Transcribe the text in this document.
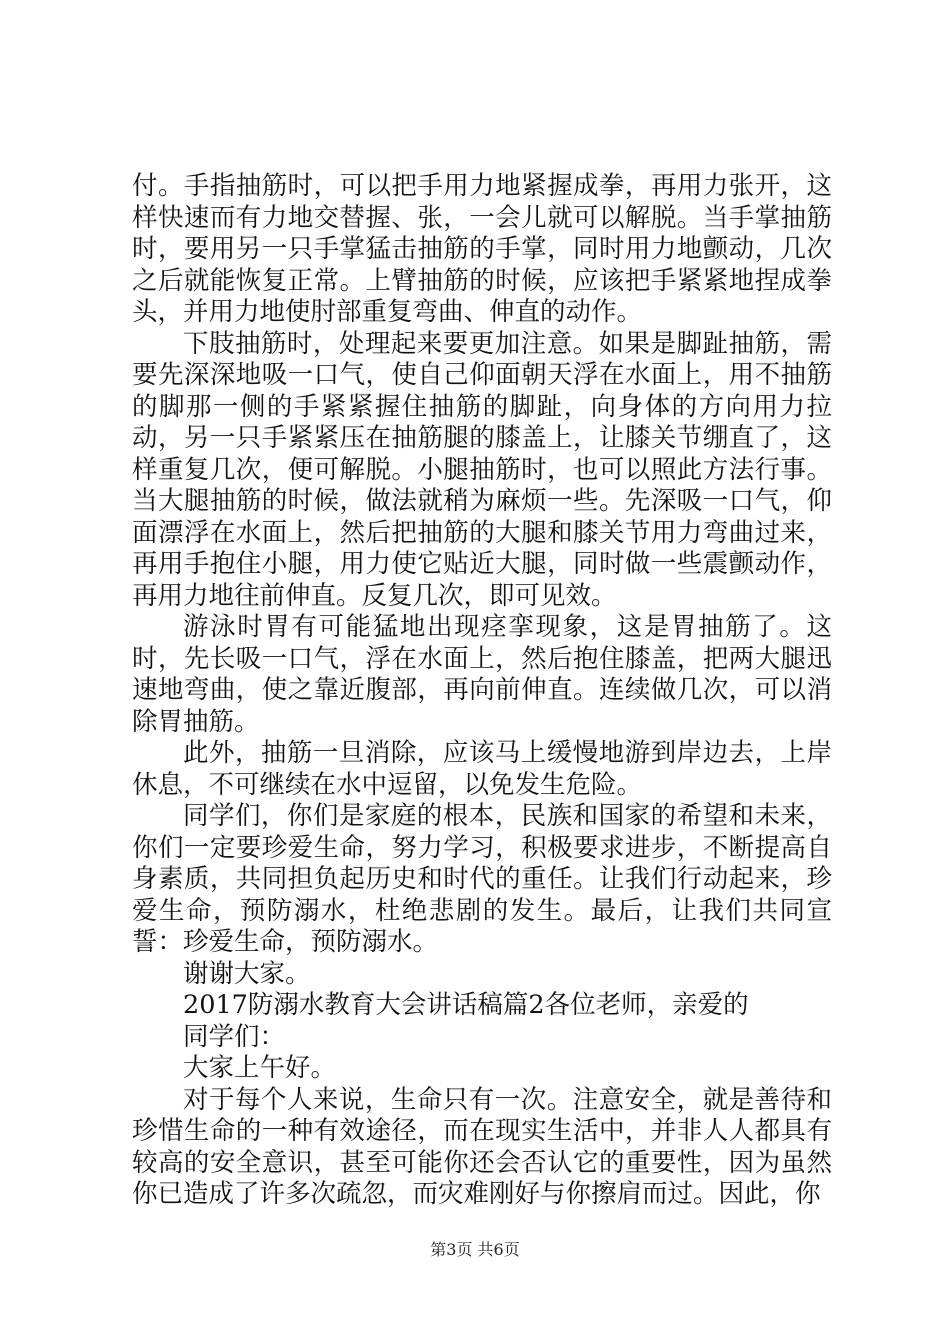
付。手指抽筋时，可以把手用力地紧握成拳，再用力张开，这样快速而有力地交替握、张，一会儿就可以解脱。当手掌抽筋时，要用另一只手掌猛击抽筋的手掌，同时用力地颤动，几次之后就能恢复正常。上臂抽筋的时候，应该把手紧紧地捏成拳头，并用力地使肘部重复弯曲、伸直的动作。

下肢抽筋时，处理起来要更加注意。如果是脚趾抽筋，需要先深深地吸一口气，使自己仰面朝天浮在水面上，用不抽筋的脚那一侧的手紧紧握住抽筋的脚趾，向身体的方向用力拉动，另一只手紧紧压在抽筋腿的膝盖上，让膝关节绷直了，这样重复几次，便可解脱。小腿抽筋时，也可以照此方法行事。当大腿抽筋的时候，做法就稍为麻烦一些。先深吸一口气，仰面漂浮在水面上，然后把抽筋的大腿和膝关节用力弯曲过来，再用手抱住小腿，用力使它贴近大腿，同时做一些震颤动作，再用力地往前伸直。反复几次，即可见效。

游泳时胃有可能猛地出现痉挛现象，这是胃抽筋了。这时，先长吸一口气，浮在水面上，然后抱住膝盖，把两大腿迅速地弯曲，使之靠近腹部，再向前伸直。连续做几次，可以消除胃抽筋。

此外，抽筋一旦消除，应该马上缓慢地游到岸边去，上岸休息，不可继续在水中逗留，以免发生危险。

同学们，你们是家庭的根本，民族和国家的希望和未来，你们一定要珍爱生命，努力学习，积极要求进步，不断提高自身素质，共同担负起历史和时代的重任。让我们行动起来，珍爱生命，预防溺水，杜绝悲剧的发生。最后，让我们共同宣誓：珍爱生命，预防溺水。

谢谢大家。

2017防溺水教育大会讲话稿篇2各位老师，亲爱的

同学们：

大家上午好。

对于每个人来说，生命只有一次。注意安全，就是善待和珍惜生命的一种有效途径，而在现实生活中，并非人人都具有较高的安全意识，甚至可能你还会否认它的重要性，因为虽然你已造成了许多次疏忽，而灾难刚好与你擦肩而过。因此，你

第3页 共6页
